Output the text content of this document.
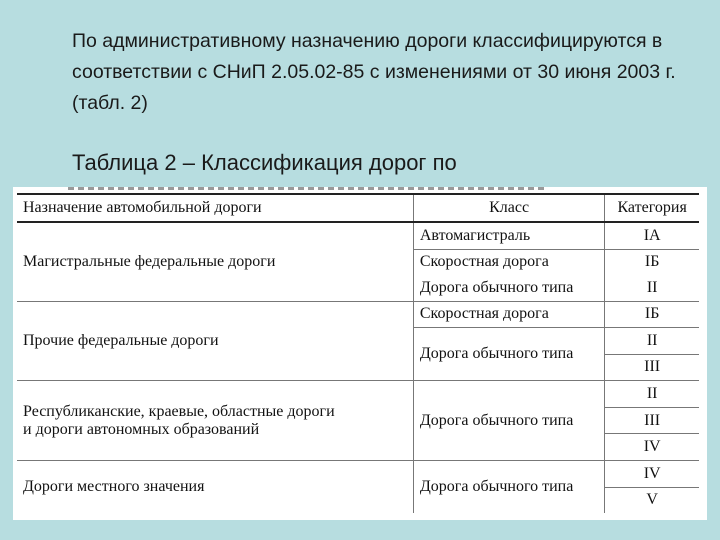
По административному назначению дороги классифицируются в соответствии с СНиП 2.05.02-85 с изменениями от 30 июня 2003 г. (табл. 2)

Таблица 2 – Классификация дорог по

Назначение автомобильной дороги	Класс	Категория
Магистральные федеральные дороги	Автомагистраль	IA
	Скоростная дорога	IБ
	Дорога обычного типа	II
Прочие федеральные дороги	Скоростная дорога	IБ
	Дорога обычного типа	II
		III
Республиканские, краевые, областные дороги
и дороги автономных образований	Дорога обычного типа	II
		III
		IV
Дороги местного значения	Дорога обычного типа	IV
		V
